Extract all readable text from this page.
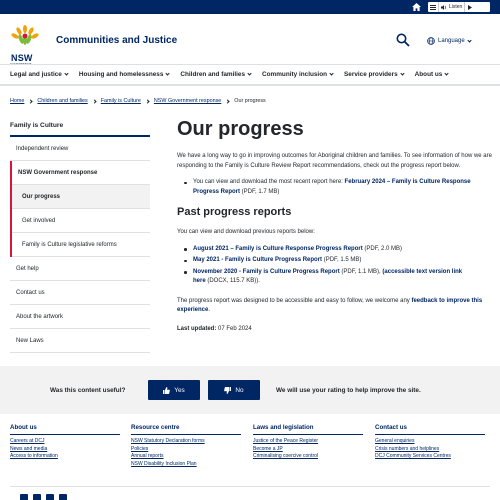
Listen
NSW
Communities and Justice	Language
Legal and justice	Housing and homelessness	Children and families	Community inclusion	Service providers	About us
Home Children and families Family is Culture NSW Government response Our progress
Family is Culture
Independent review
NSW Government response
Our progress
Get involved
Family is Culture legislative reforms
Get help
Contact us
About the artwork
New Laws
Our progress

We have a long way to go in improving outcomes for Aboriginal children and families. To see information of how we are responding to the Family is Culture Review Report recommendations, check out the progress report below.

You can view and download the most recent report here: February 2024 – Family is Culture Response Progress Report (PDF, 1.7 MB)
Past progress reports

You can view and download previous reports below:

August 2021 – Family is Culture Response Progress Report (PDF, 2.0 MB)
May 2021 - Family is Culture Progress Report (PDF, 1.5 MB)
November 2020 - Family is Culture Progress Report (PDF, 1.1 MB), (accessible text version link
here (DOCX, 115.7 KB)).

The progress report was designed to be accessible and easy to follow, we welcome any feedback to improve this experience.

Last updated: 07 Feb 2024

Was this content useful?	Yes	No	We will use your rating to help improve the site.
About us
Careers at DCJ
News and media
Access to information
Resource centre
NSW Statutory Declaration forms
Policies
Annual reports
NSW Disability Inclusion Plan
Laws and legislation
Justice of the Peace Register
Become a JP
Criminalising coercive control
Contact us
General enquiries
Crisis numbers and helplines
DCJ Community Services Centres
